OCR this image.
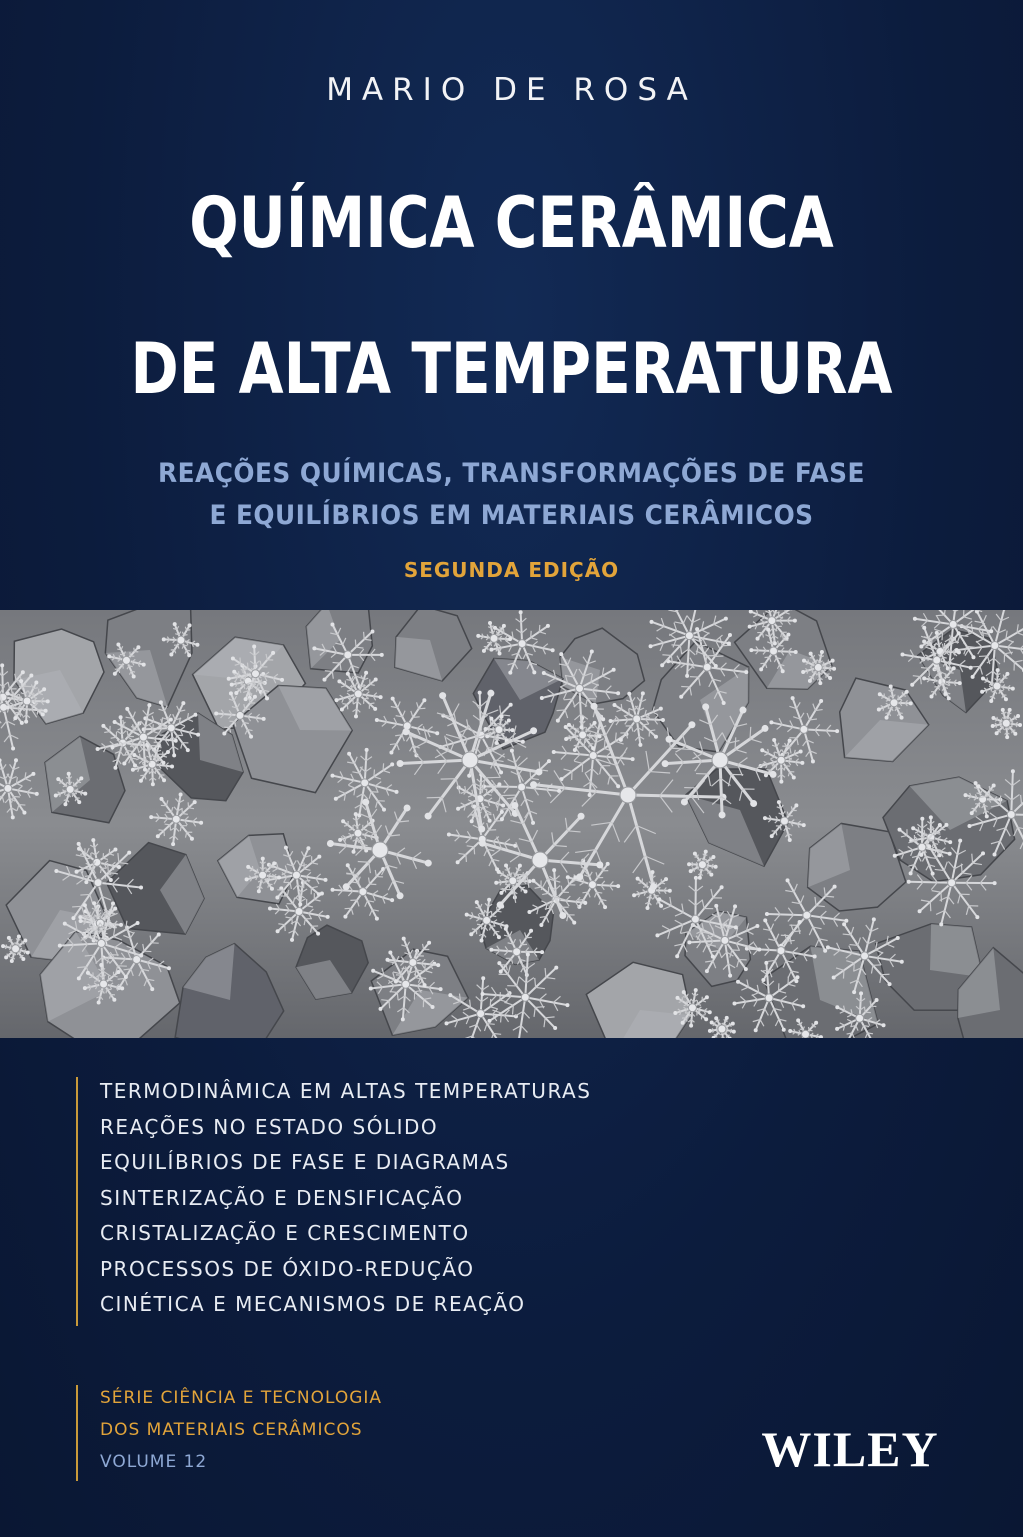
MARIO DE ROSA
QUÍMICA CERÂMICA
DE ALTA TEMPERATURA
REAÇÕES QUÍMICAS, TRANSFORMAÇÕES DE FASE
E EQUILÍBRIOS EM MATERIAIS CERÂMICOS
SEGUNDA EDIÇÃO
TERMODINÂMICA EM ALTAS TEMPERATURAS
REAÇÕES NO ESTADO SÓLIDO
EQUILÍBRIOS DE FASE E DIAGRAMAS
SINTERIZAÇÃO E DENSIFICAÇÃO
CRISTALIZAÇÃO E CRESCIMENTO
PROCESSOS DE ÓXIDO-REDUÇÃO
CINÉTICA E MECANISMOS DE REAÇÃO
SÉRIE CIÊNCIA E TECNOLOGIA
DOS MATERIAIS CERÂMICOS
VOLUME 12	WILEY
